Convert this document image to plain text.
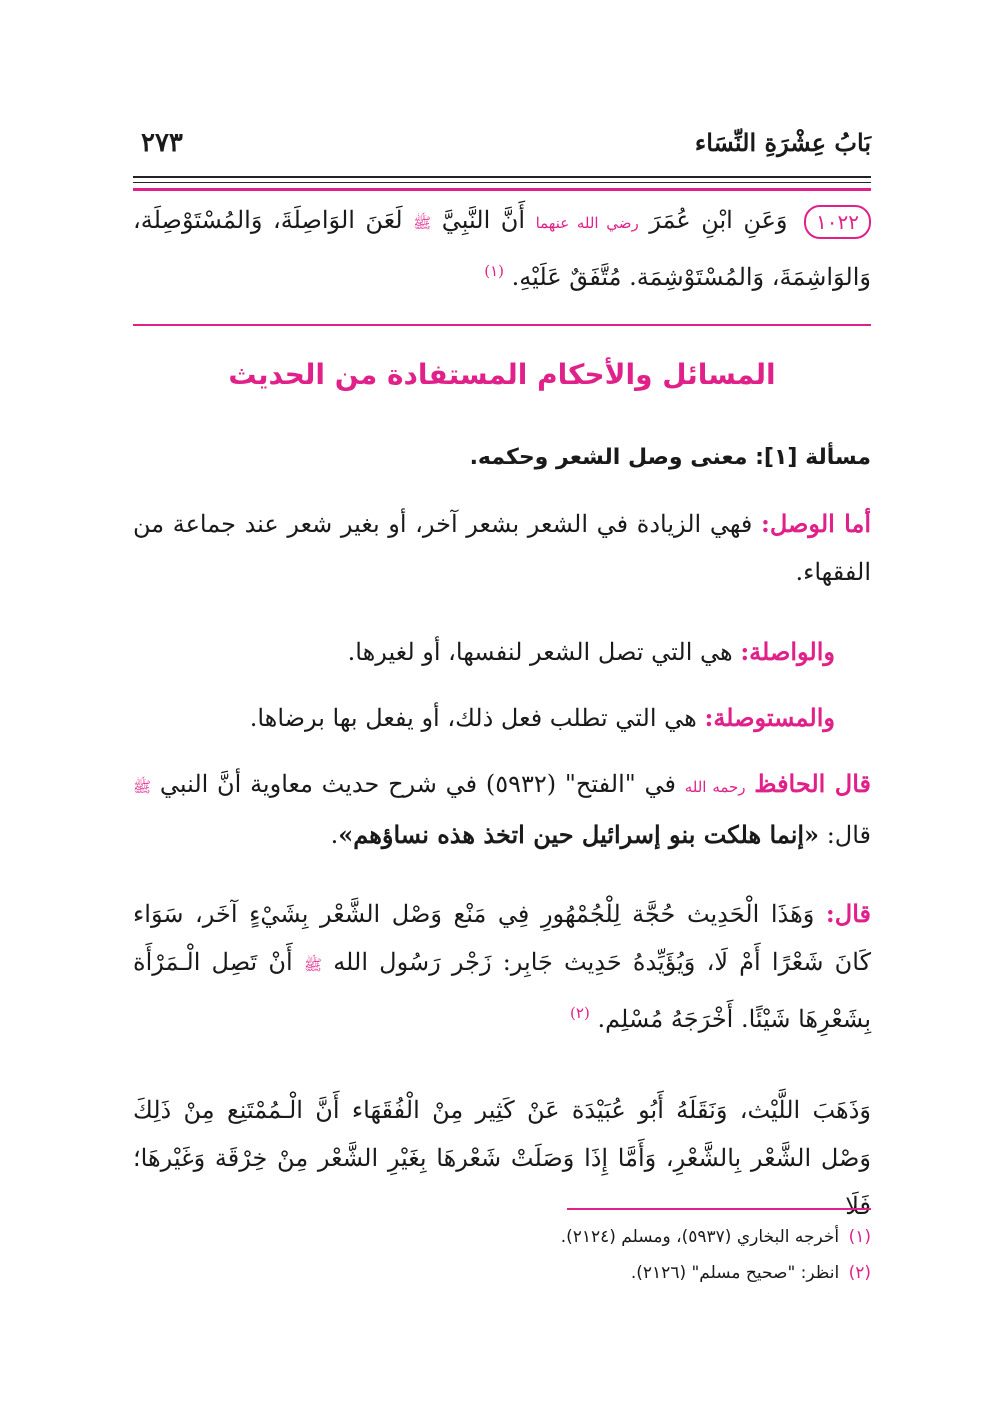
بَابُ عِشْرَةِ النِّسَاء
٢٧٣
١٠٢٢ وَعَنِ ابْنِ عُمَرَ رضي الله عنهما أَنَّ النَّبِيَّ ﷺ لَعَنَ الوَاصِلَةَ، وَالمُسْتَوْصِلَة، وَالوَاشِمَةَ، وَالمُسْتَوْشِمَة. مُتَّفَقٌ عَلَيْهِ. $^{(١)}$
المسائل والأحكام المستفادة من الحديث
مسألة [١]: معنى وصل الشعر وحكمه.
أما الوصل: فهي الزيادة في الشعر بشعر آخر، أو بغير شعر عند جماعة من الفقهاء.
والواصلة: هي التي تصل الشعر لنفسها، أو لغيرها.
والمستوصلة: هي التي تطلب فعل ذلك، أو يفعل بها برضاها.
قال الحافظ رحمه الله في "الفتح" (٥٩٣٢) في شرح حديث معاوية أنَّ النبي ﷺ قال: «إنما هلكت بنو إسرائيل حين اتخذ هذه نساؤهم».
قال: وَهَذَا الْحَدِيث حُجَّة لِلْجُمْهُورِ فِي مَنْع وَصْل الشَّعْر بِشَيْءٍ آخَر، سَوَاء كَانَ شَعْرًا أَمْ لَا، وَيُؤَيِّدهُ حَدِيث جَابِر: زَجْر رَسُول الله ﷺ أَنْ تَصِل الْـمَرْأَة بِشَعْرِهَا شَيْئًا. أَخْرَجَهُ مُسْلِم. $^{(٢)}$
وَذَهَبَ اللَّيْث، وَنَقَلَهُ أَبُو عُبَيْدَة عَنْ كَثِير مِنْ الْفُقَهَاء أَنَّ الْـمُمْتَنِع مِنْ ذَلِكَ وَصْل الشَّعْر بِالشَّعْرِ، وَأَمَّا إِذَا وَصَلَتْ شَعْرهَا بِغَيْرِ الشَّعْر مِنْ خِرْقَة وَغَيْرهَا؛ فَلَا
(١) أخرجه البخاري (٥٩٣٧)، ومسلم (٢١٢٤).
(٢) انظر: "صحيح مسلم" (٢١٢٦).
